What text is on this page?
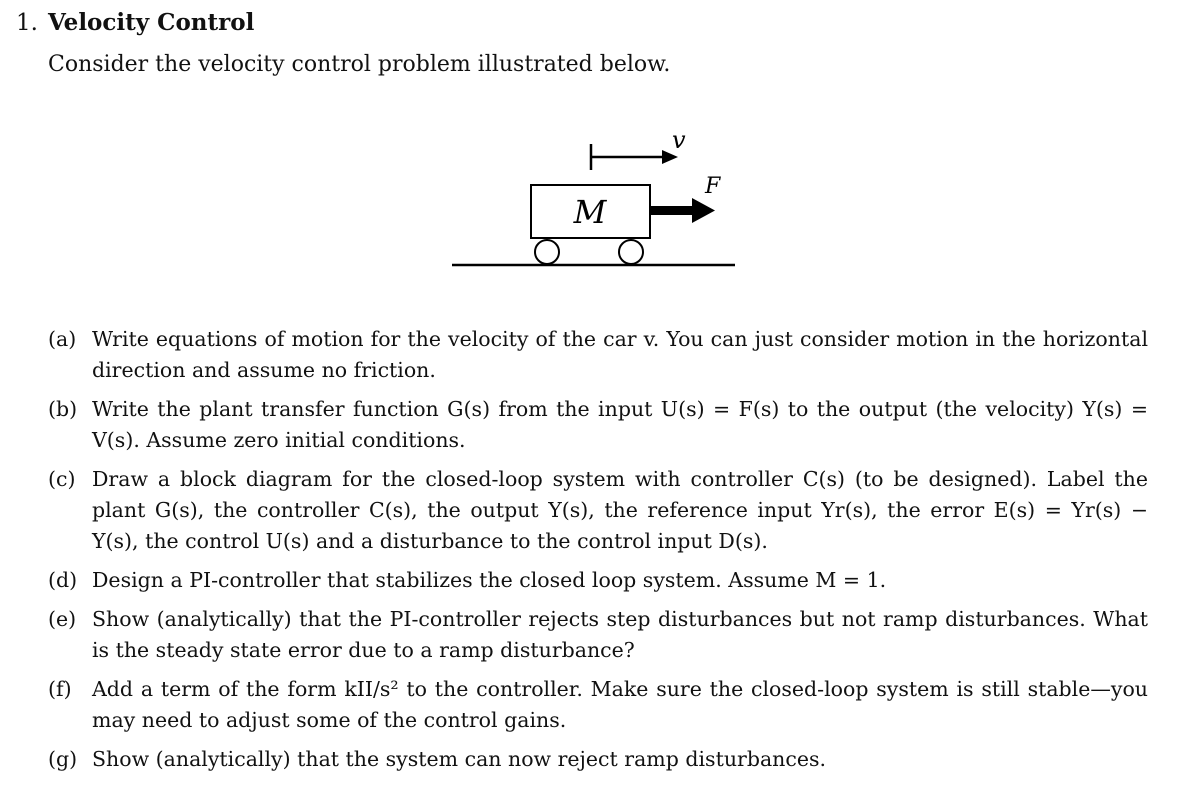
1. Velocity Control
Consider the velocity control problem illustrated below.
v
M
F
(a) Write equations of motion for the velocity of the car v. You can just consider motion in the horizontal direction and assume no friction.
(b) Write the plant transfer function G(s) from the input U(s) = F(s) to the output (the velocity) Y(s) = V(s). Assume zero initial conditions.
(c) Draw a block diagram for the closed-loop system with controller C(s) (to be designed). Label the plant G(s), the controller C(s), the output Y(s), the reference input Yr(s), the error E(s) = Yr(s) − Y(s), the control U(s) and a disturbance to the control input D(s).
(d) Design a PI-controller that stabilizes the closed loop system. Assume M = 1.
(e) Show (analytically) that the PI-controller rejects step disturbances but not ramp disturbances. What is the steady state error due to a ramp disturbance?
(f) Add a term of the form kII/s² to the controller. Make sure the closed-loop system is still stable—you may need to adjust some of the control gains.
(g) Show (analytically) that the system can now reject ramp disturbances.
